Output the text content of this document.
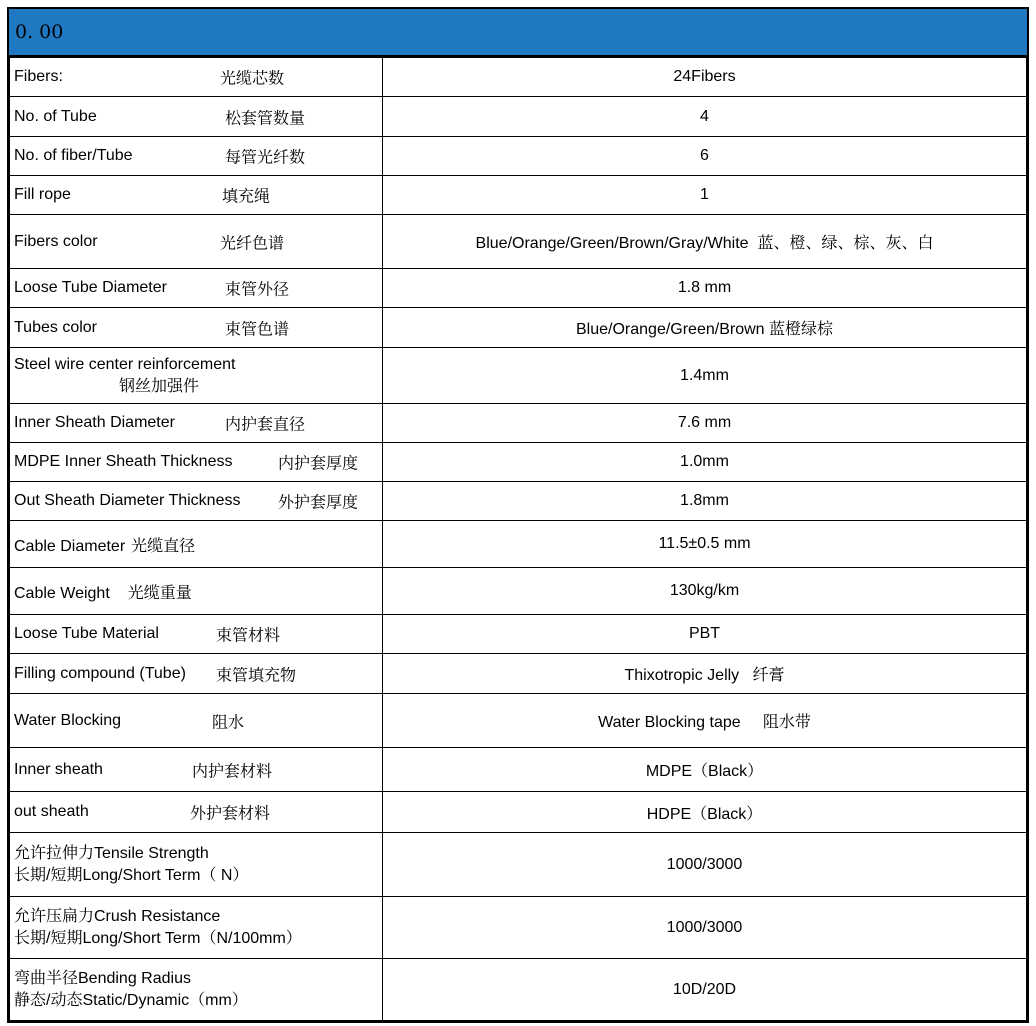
0. 00
Fibers: 光缆芯数	24Fibers
No. of Tube 松套管数量	4
No. of fiber/Tube 每管光纤数	6
Fill rope 填充绳	1
Fibers color 光纤色谱	Blue/Orange/Green/Brown/Gray/White  蓝、橙、绿、棕、灰、白
Loose Tube Diameter 束管外径	1.8 mm
Tubes color 束管色谱	Blue/Orange/Green/Brown 蓝橙绿棕

Steel wire center reinforcement
钢丝加强件	1.4mm
Inner Sheath Diameter 内护套直径	7.6 mm
MDPE Inner Sheath Thickness 内护套厚度	1.0mm
Out Sheath Diameter Thickness 外护套厚度	1.8mm
Cable Diameter 光缆直径	11.5±0.5 mm
Cable Weight 光缆重量	130kg/km
Loose Tube Material 束管材料	PBT
Filling compound (Tube) 束管填充物	Thixotropic Jelly   纤膏
Water Blocking 阻水	Water Blocking tape     阻水带
Inner sheath 内护套材料	MDPE（Black）
out sheath 外护套材料	HDPE（Black）

允许拉伸力Tensile Strength
长期/短期Long/Short Term（ N）	1000/3000

允许压扁力Crush Resistance
长期/短期Long/Short Term（N/100mm）	1000/3000

弯曲半径Bending Radius
静态/动态Static/Dynamic（mm）	10D/20D
